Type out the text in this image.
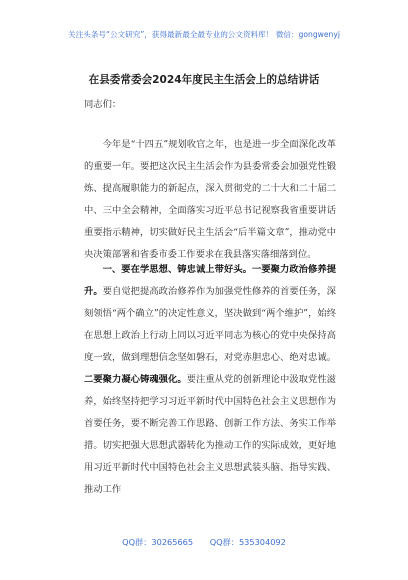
关注头条号“公文研究”，获得最新最全最专业的公文资料库！ 微信：gongwenyj
在县委常委会2024年度民主生活会上的总结讲话
同志们：
今年是“十四五”规划收官之年，也是进一步全面深化改革的重要一年。要把这次民主生活会作为县委常委会加强党性锻炼、提高履职能力的新起点，深入贯彻党的二十大和二十届二中、三中全会精神，全面落实习近平总书记视察我省重要讲话重要指示精神，切实做好民主生活会“后半篇文章”，推动党中央决策部署和省委市委工作要求在我县落实落细落到位。
一、要在学思想、铸忠诚上带好头。一要聚力政治修养提升。要自觉把提高政治修养作为加强党性修养的首要任务，深刻领悟“两个确立”的决定性意义，坚决做到“两个维护”，始终在思想上政治上行动上同以习近平同志为核心的党中央保持高度一致，做到理想信念坚如磐石，对党赤胆忠心、绝对忠诚。二要聚力凝心铸魂强化。要注重从党的创新理论中汲取党性滋养，始终坚持把学习习近平新时代中国特色社会主义思想作为首要任务，要不断完善工作思路、创新工作方法、务实工作举措。切实把强大思想武器转化为推动工作的实际成效，更好地用习近平新时代中国特色社会主义思想武装头脑、指导实践、推动工作
QQ群：30265665 QQ群：535304092
